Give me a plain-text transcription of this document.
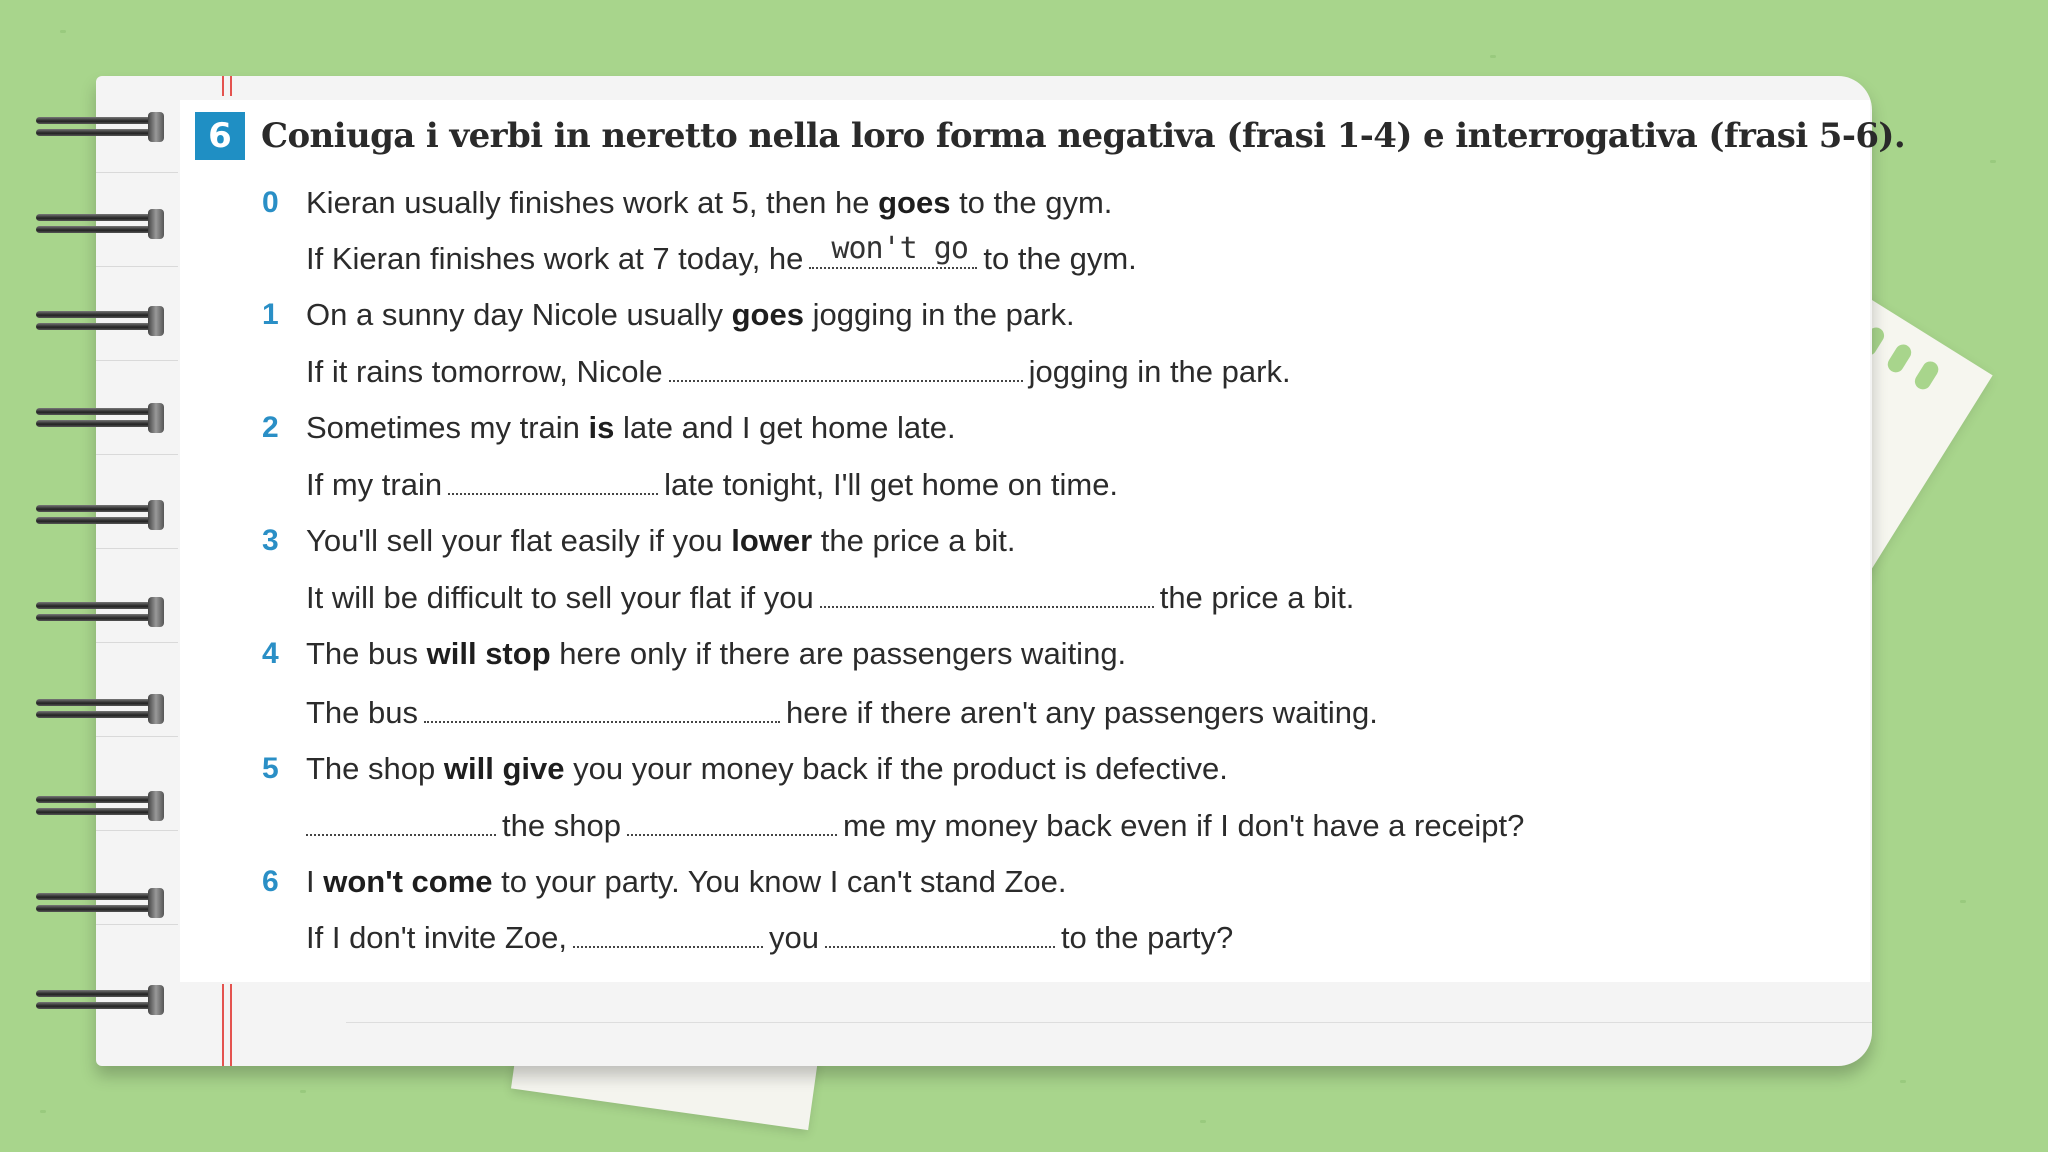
6 Coniuga i verbi in neretto nella loro forma negativa (frasi 1-4) e interrogativa (frasi 5-6).
0 Kieran usually finishes work at 5, then he goes to the gym.
If Kieran finishes work at 7 today, he won't go to the gym.
1 On a sunny day Nicole usually goes jogging in the park.
If it rains tomorrow, Nicole	jogging in the park.
2 Sometimes my train is late and I get home late.
If my train	late tonight, I'll get home on time.
3 You'll sell your flat easily if you lower the price a bit.
It will be difficult to sell your flat if you	the price a bit.
4 The bus will stop here only if there are passengers waiting.
The bus	here if there aren't any passengers waiting.
5 The shop will give you your money back if the product is defective.
the shop	me my money back even if I don't have a receipt?
6 I won't come to your party. You know I can't stand Zoe.
If I don't invite Zoe,	you	to the party?
